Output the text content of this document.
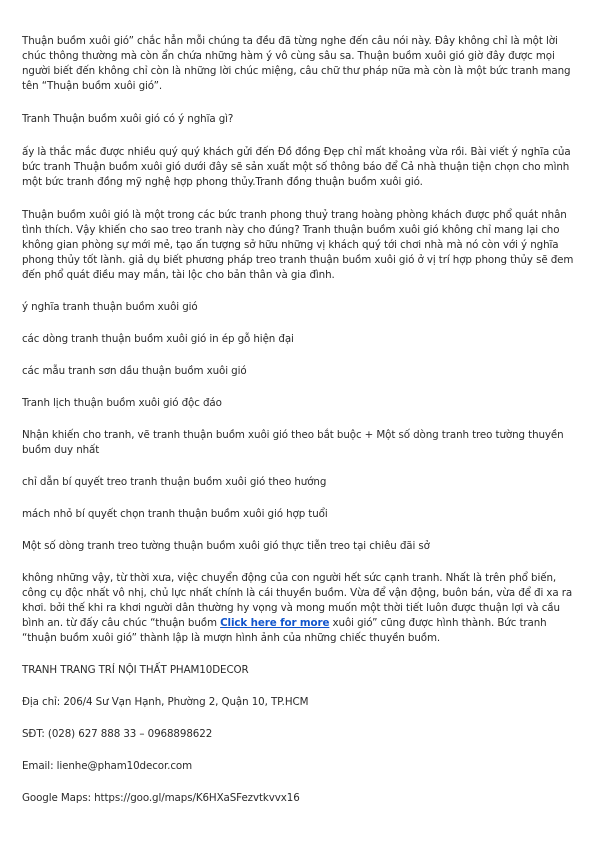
Thuận buồm xuôi gió” chắc hẳn mỗi chúng ta đều đã từng nghe đến câu nói này. Đây không chỉ là một lời chúc thông thường mà còn ẩn chứa những hàm ý vô cùng sâu sa. Thuận buồm xuôi gió giờ đây được mọi người biết đến không chỉ còn là những lời chúc miệng, câu chữ thư pháp nữa mà còn là một bức tranh mang tên “Thuận buồm xuôi gió”.

Tranh Thuận buồm xuôi gió có ý nghĩa gì?

ấy là thắc mắc được nhiều quý quý khách gửi đến Đồ đồng Đẹp chỉ mất khoảng vừa rồi. Bài viết ý nghĩa của bức tranh Thuận buồm xuôi gió dưới đây sẽ sản xuất một số thông báo để Cả nhà thuận tiện chọn cho mình một bức tranh đồng mỹ nghệ hợp phong thủy.Tranh đồng thuận buồm xuôi gió.

Thuận buồm xuôi gió là một trong các bức tranh phong thuỷ trang hoàng phòng khách được phổ quát nhân tình thích. Vậy khiến cho sao treo tranh này cho đúng? Tranh thuận buồm xuôi gió không chỉ mang lại cho không gian phòng sự mới mẻ, tạo ấn tượng sở hữu những vị khách quý tới chơi nhà mà nó còn với ý nghĩa phong thủy tốt lành. giả dụ biết phương pháp treo tranh thuận buồm xuôi gió ở vị trí hợp phong thủy sẽ đem đến phổ quát điều may mắn, tài lộc cho bản thân và gia đình.

ý nghĩa tranh thuận buồm xuôi gió

các dòng tranh thuận buồm xuôi gió in ép gỗ hiện đại

các mẫu tranh sơn dầu thuận buồm xuôi gió

Tranh lịch thuận buồm xuôi gió độc đáo

Nhận khiến cho tranh, vẽ tranh thuận buồm xuôi gió theo bắt buộc + Một số dòng tranh treo tường thuyền buồm duy nhất

chỉ dẫn bí quyết treo tranh thuận buồm xuôi gió theo hướng

mách nhỏ bí quyết chọn tranh thuận buồm xuôi gió hợp tuổi

Một số dòng tranh treo tường thuận buồm xuôi gió thực tiễn treo tại chiêu đãi sở

không những vậy, từ thời xưa, việc chuyển động của con người hết sức cạnh tranh. Nhất là trên phổ biến, công cụ độc nhất vô nhị, chủ lực nhất chính là cái thuyền buồm. Vừa để vận động, buôn bán, vừa để đi xa ra khơi. bởi thế khi ra khơi người dân thường hy vọng và mong muốn một thời tiết luôn được thuận lợi và cầu bình an. từ đấy câu chúc “thuận buồm Click here for more xuôi gió” cũng được hình thành. Bức tranh “thuận buồm xuôi gió” thành lập là mượn hình ảnh của những chiếc thuyền buồm.

TRANH TRANG TRÍ NỘI THẤT PHAM10DECOR

Địa chỉ: 206/4 Sư Vạn Hạnh, Phường 2, Quận 10, TP.HCM

SĐT: (028) 627 888 33 – 0968898622

Email: lienhe@pham10decor.com

Google Maps: https://goo.gl/maps/K6HXaSFezvtkvvx16
